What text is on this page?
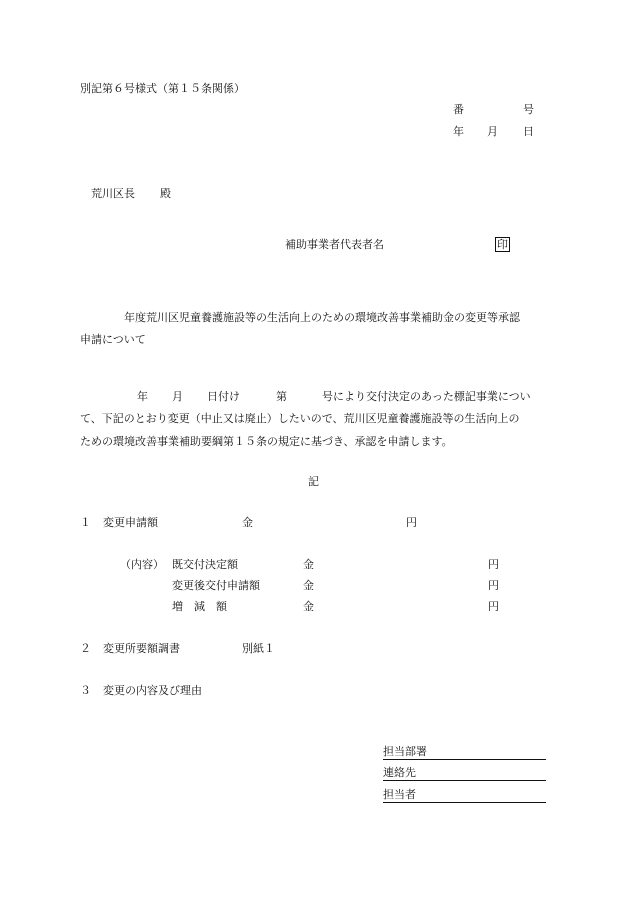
別記第６号様式（第１５条関係）
番	号
年 月 日
荒川区長 殿
補助事業者代表者名	印
年度荒川区児童養護施設等の生活向上のための環境改善事業補助金の変更等承認
申請について
年 月 日付け	第	号により交付決定のあった標記事業につい
て、下記のとおり変更（中止又は廃止）したいので、荒川区児童養護施設等の生活向上の
ための環境改善事業補助要綱第１５条の規定に基づき、承認を申請します。
記
１ 変更申請額	金	円
（内容） 既交付決定額	金	円
変更後交付申請額	金	円
増　減　額	金	円
２ 変更所要額調書	別紙１
３ 変更の内容及び理由
担当部署
連絡先
担当者
